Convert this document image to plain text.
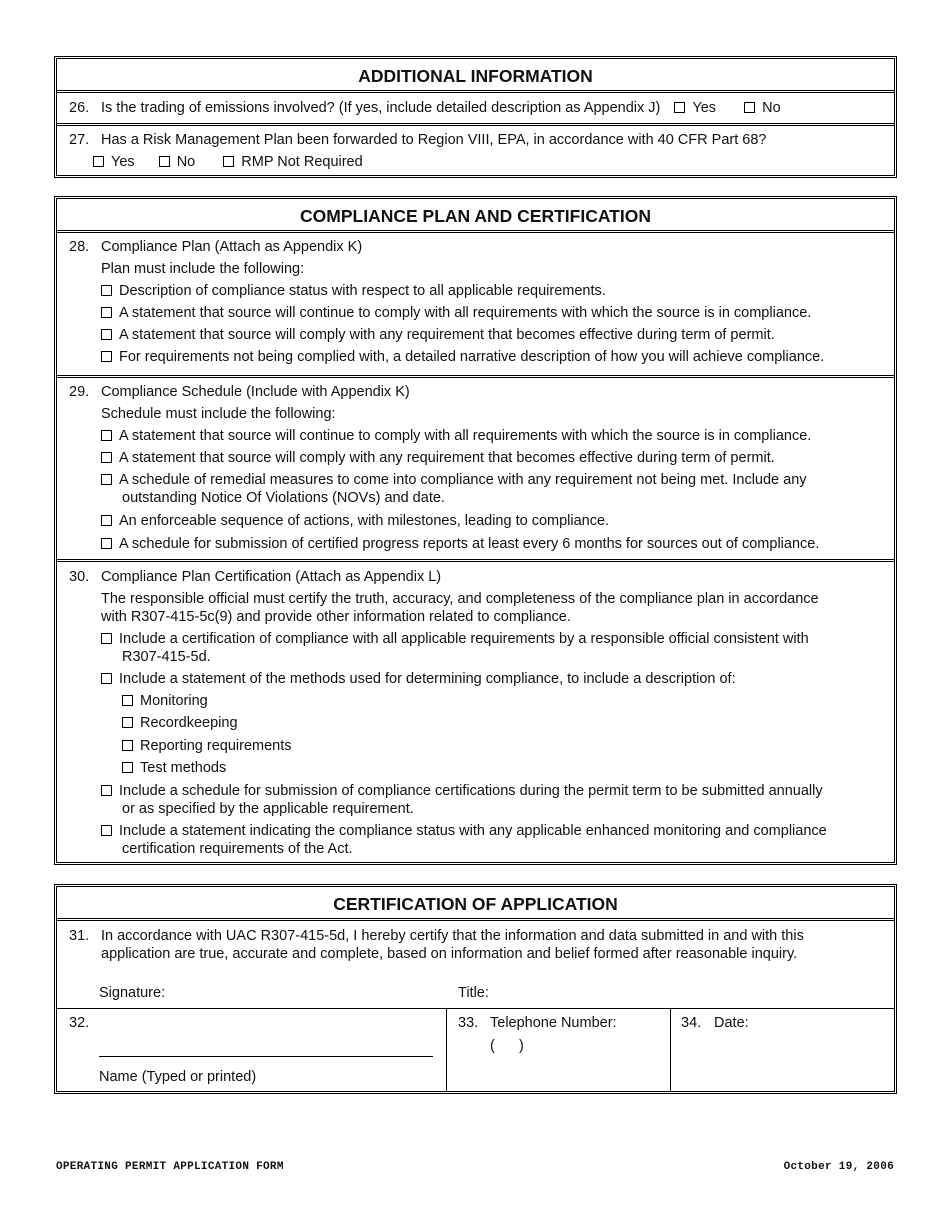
ADDITIONAL INFORMATION
26. Is the trading of emissions involved? (If yes, include detailed description as Appendix J) Yes	No
27. Has a Risk Management Plan been forwarded to Region VIII, EPA, in accordance with 40 CFR Part 68?
Yes	No	RMP Not Required
COMPLIANCE PLAN AND CERTIFICATION
28. Compliance Plan (Attach as Appendix K)
Plan must include the following:
Description of compliance status with respect to all applicable requirements.
A statement that source will continue to comply with all requirements with which the source is in compliance.
A statement that source will comply with any requirement that becomes effective during term of permit.
For requirements not being complied with, a detailed narrative description of how you will achieve compliance.
29. Compliance Schedule (Include with Appendix K)
Schedule must include the following:
A statement that source will continue to comply with all requirements with which the source is in compliance.
A statement that source will comply with any requirement that becomes effective during term of permit.
A schedule of remedial measures to come into compliance with any requirement not being met. Include any
outstanding Notice Of Violations (NOVs) and date.
An enforceable sequence of actions, with milestones, leading to compliance.
A schedule for submission of certified progress reports at least every 6 months for sources out of compliance.
30. Compliance Plan Certification (Attach as Appendix L)
The responsible official must certify the truth, accuracy, and completeness of the compliance plan in accordance
with R307-415-5c(9) and provide other information related to compliance.
Include a certification of compliance with all applicable requirements by a responsible official consistent with
R307-415-5d.
Include a statement of the methods used for determining compliance, to include a description of:
Monitoring
Recordkeeping
Reporting requirements
Test methods
Include a schedule for submission of compliance certifications during the permit term to be submitted annually
or as specified by the applicable requirement.
Include a statement indicating the compliance status with any applicable enhanced monitoring and compliance
certification requirements of the Act.
CERTIFICATION OF APPLICATION
31. In accordance with UAC R307-415-5d, I hereby certify that the information and data submitted in and with this
application are true, accurate and complete, based on information and belief formed after reasonable inquiry.
Signature:	Title:
32.
Name (Typed or printed)
33. Telephone Number:
(      )
34. Date:
OPERATING PERMIT APPLICATION FORM	October 19, 2006
